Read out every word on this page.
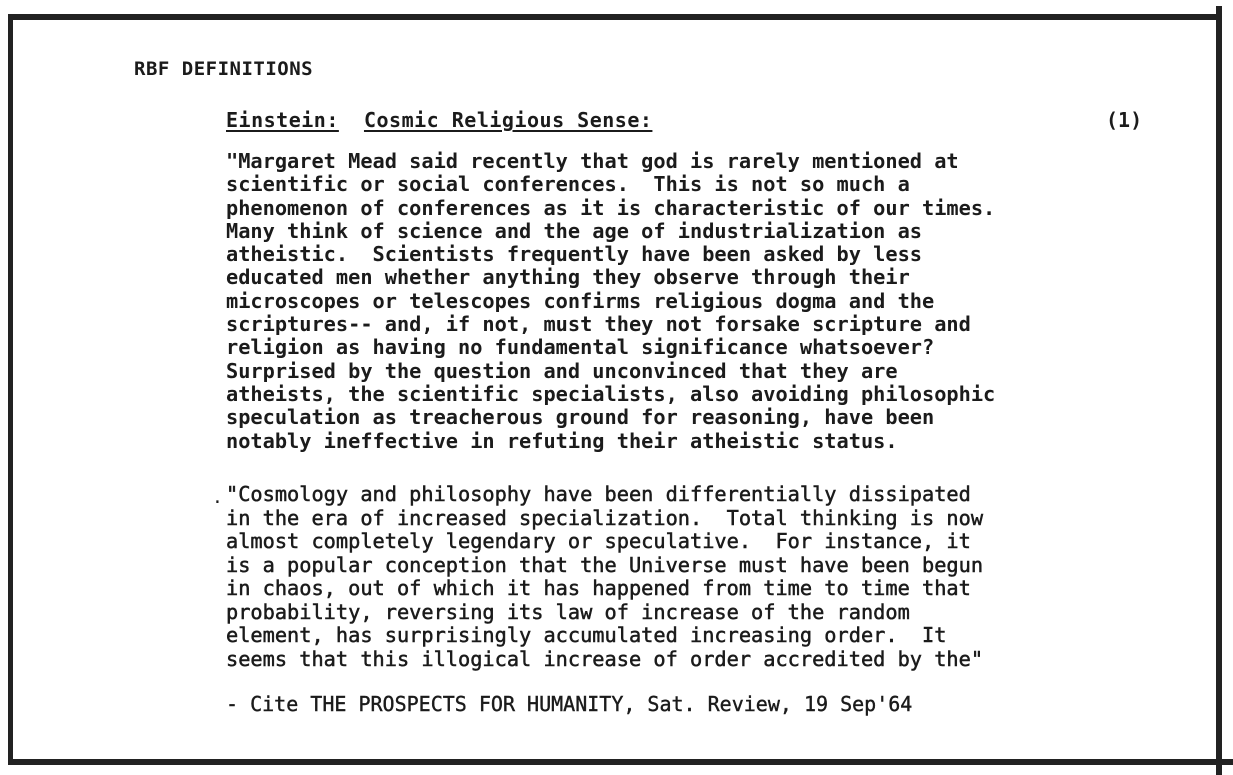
RBF DEFINITIONS
Einstein: Cosmic Religious Sense:	(1)
"Margaret Mead said recently that god is rarely mentioned at
scientific or social conferences.  This is not so much a
phenomenon of conferences as it is characteristic of our times.
Many think of science and the age of industrialization as
atheistic.  Scientists frequently have been asked by less
educated men whether anything they observe through their
microscopes or telescopes confirms religious dogma and the
scriptures-- and, if not, must they not forsake scripture and
religion as having no fundamental significance whatsoever?
Surprised by the question and unconvinced that they are
atheists, the scientific specialists, also avoiding philosophic
speculation as treacherous ground for reasoning, have been
notably ineffective in refuting their atheistic status.
. "Cosmology and philosophy have been differentially dissipated
in the era of increased specialization.  Total thinking is now
almost completely legendary or speculative.  For instance, it
is a popular conception that the Universe must have been begun
in chaos, out of which it has happened from time to time that
probability, reversing its law of increase of the random
element, has surprisingly accumulated increasing order.  It
seems that this illogical increase of order accredited by the"
- Cite THE PROSPECTS FOR HUMANITY, Sat. Review, 19 Sep'64
